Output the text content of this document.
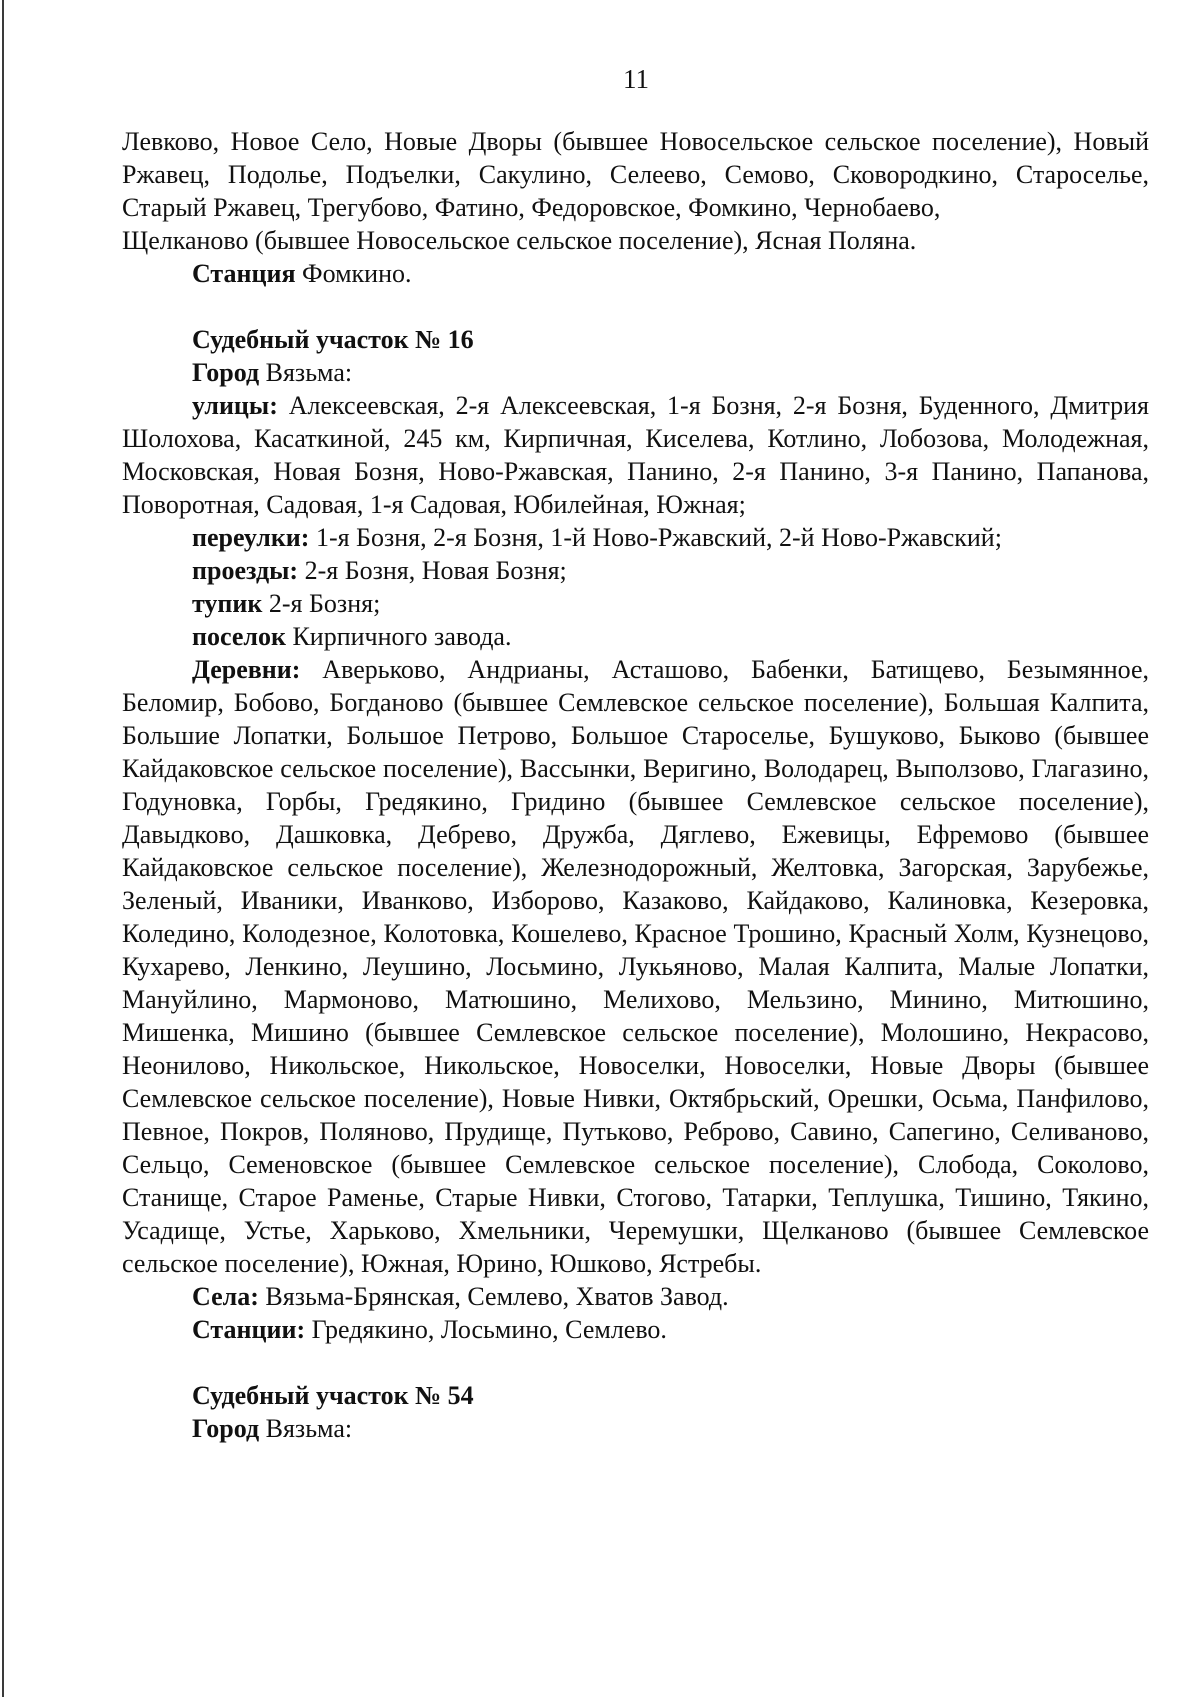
11

Левково, Новое Село, Новые Дворы (бывшее Новосельское сельское поселение), Новый Ржавец, Подолье, Подъелки, Сакулино, Селеево, Семово, Сковородкино, Староселье, Старый Ржавец, Трегубово, Фатино, Федоровское, Фомкино, Чернобаево,

Щелканово (бывшее Новосельское сельское поселение), Ясная Поляна.

Станция Фомкино.

Судебный участок № 16

Город Вязьма:

улицы: Алексеевская, 2-я Алексеевская, 1-я Бозня, 2-я Бозня, Буденного, Дмитрия Шолохова, Касаткиной, 245 км, Кирпичная, Киселева, Котлино, Лобозова, Молодежная, Московская, Новая Бозня, Ново-Ржавская, Панино, 2-я Панино, 3-я Панино, Папанова, Поворотная, Садовая, 1-я Садовая, Юбилейная, Южная;

переулки: 1-я Бозня, 2-я Бозня, 1-й Ново-Ржавский, 2-й Ново-Ржавский;

проезды: 2-я Бозня, Новая Бозня;

тупик 2-я Бозня;

поселок Кирпичного завода.

Деревни: Аверьково, Андрианы, Асташово, Бабенки, Батищево, Безымянное, Беломир, Бобово, Богданово (бывшее Семлевское сельское поселение), Большая Калпита, Большие Лопатки, Большое Петрово, Большое Староселье, Бушуково, Быково (бывшее Кайдаковское сельское поселение), Вассынки, Веригино, Володарец, Выползово, Глагазино, Годуновка, Горбы, Гредякино, Гридино (бывшее Семлевское сельское поселение), Давыдково, Дашковка, Дебрево, Дружба, Дяглево, Ежевицы, Ефремово (бывшее Кайдаковское сельское поселение), Железнодорожный, Желтовка, Загорская, Зарубежье, Зеленый, Иваники, Иванково, Изборово, Казаково, Кайдаково, Калиновка, Кезеровка, Коледино, Колодезное, Колотовка, Кошелево, Красное Трошино, Красный Холм, Кузнецово, Кухарево, Ленкино, Леушино, Лосьмино, Лукьяново, Малая Калпита, Малые Лопатки, Мануйлино, Мармоново, Матюшино, Мелихово, Мельзино, Минино, Митюшино, Мишенка, Мишино (бывшее Семлевское сельское поселение), Молошино, Некрасово, Неонилово, Никольское, Никольское, Новоселки, Новоселки, Новые Дворы (бывшее Семлевское сельское поселение), Новые Нивки, Октябрьский, Орешки, Осьма, Панфилово, Певное, Покров, Поляново, Прудище, Путьково, Реброво, Савино, Сапегино, Селиваново, Сельцо, Семеновское (бывшее Семлевское сельское поселение), Слобода, Соколово, Станище, Старое Раменье, Старые Нивки, Стогово, Татарки, Теплушка, Тишино, Тякино, Усадище, Устье, Харьково, Хмельники, Черемушки, Щелканово (бывшее Семлевское сельское поселение), Южная, Юрино, Юшково, Ястребы.

Села: Вязьма-Брянская, Семлево, Хватов Завод.

Станции: Гредякино, Лосьмино, Семлево.

Судебный участок № 54

Город Вязьма:
